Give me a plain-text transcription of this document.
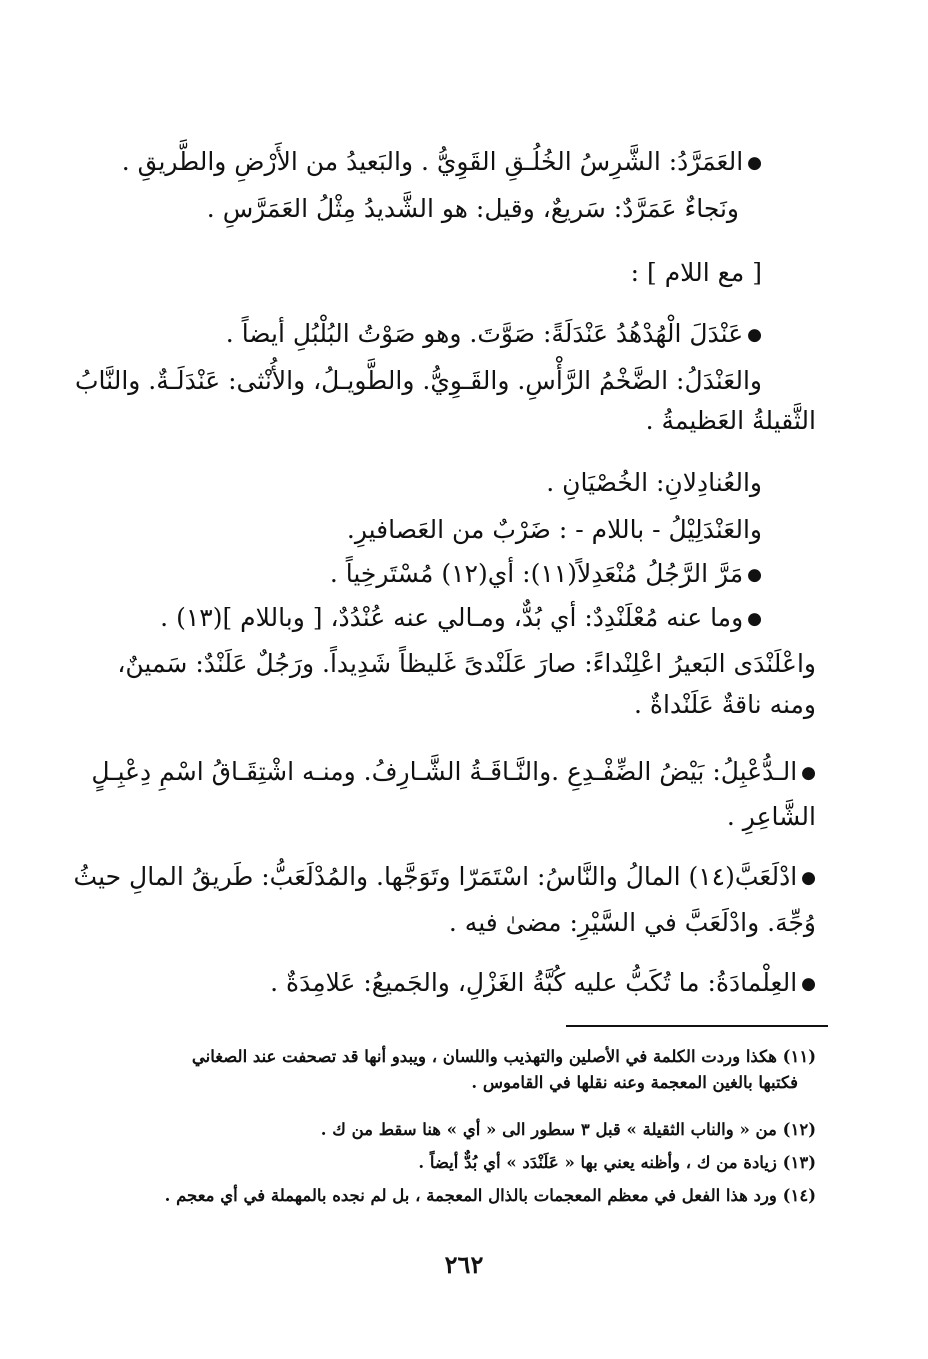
● العَمَرَّدُ: الشَّرِسُ الخُلُـقِ القَوِيُّ . والبَعيدُ من الأَرْضِ والطَّريقِ .
ونَجاءٌ عَمَرَّدٌ: سَريعٌ، وقيل: هو الشَّديدُ مِثْلُ العَمَرَّسِ .
[ مع اللام ] :
● عَنْدَلَ الْهُدْهُدُ عَنْدَلَةً: صَوَّتَ. وهو صَوْتُ البُلْبُلِ أيضاً .
والعَنْدَلُ: الضَّخْمُ الرَّأْسِ. والقَـوِيُّ. والطَّويـلُ، والأُنْثى: عَنْدَلَـةٌ. والنَّابُ
الثَّقيلةُ العَظيمةُ .
والعُنادِلانِ: الخُصْيَانِ .
والعَنْدَلِيْلُ - باللام - : ضَرْبٌ من العَصافيرِ.
● مَرَّ الرَّجُلُ مُنْعَدِلاً(١١): أي(١٢) مُسْتَرخِياً .
● وما عنه مُعْلَنْدِدٌ: أي بُدٌّ، ومـالي عنه عُنْدُدٌ، [ وباللام ](١٣) .
واعْلَنْدَى البَعيرُ اعْلِنْداءً: صارَ عَلَنْدىً غَليظاً شَدِيداً. ورَجُلٌ عَلَنْدٌ: سَمينٌ،
ومنه ناقةٌ عَلَنْداةٌ .
● الـدُّعْبِلُ: بَيْضُ الضِّفْـدِعِ .والنَّـاقَـةُ الشَّـارِفُ. ومنـه اشْتِقَـاقُ اسْمِ دِعْبِـلٍ
الشَّاعِرِ .
● ادْلَعَبَّ(١٤) المالُ والنَّاسُ: اسْتَمَرّا وتَوَجَّها. والمُدْلَعَبُّ: طَريقُ المالِ حيثُ
وُجِّهَ. وادْلَعَبَّ في السَّيْرِ: مضىٰ فيه .
● العِلْمادَةُ: ما تُكَبُّ عليه كُبَّةُ الغَزْلِ، والجَميعُ: عَلامِدَةٌ .
(١١) هكذا وردت الكلمة في الأصلين والتهذيب واللسان ، ويبدو أنها قد تصحفت عند الصغاني
فكتبها بالغين المعجمة وعنه نقلها في القاموس .
(١٢) من « والناب الثقيلة » قبل ٣ سطور الى « أي » هنا سقط من ك .
(١٣) زيادة من ك ، وأظنه يعني بها « عَلَنْدَد » أي بُدٌّ أيضاً .
(١٤) ورد هذا الفعل في معظم المعجمات بالذال المعجمة ، بل لم نجده بالمهملة في أي معجم .
٢٦٢
